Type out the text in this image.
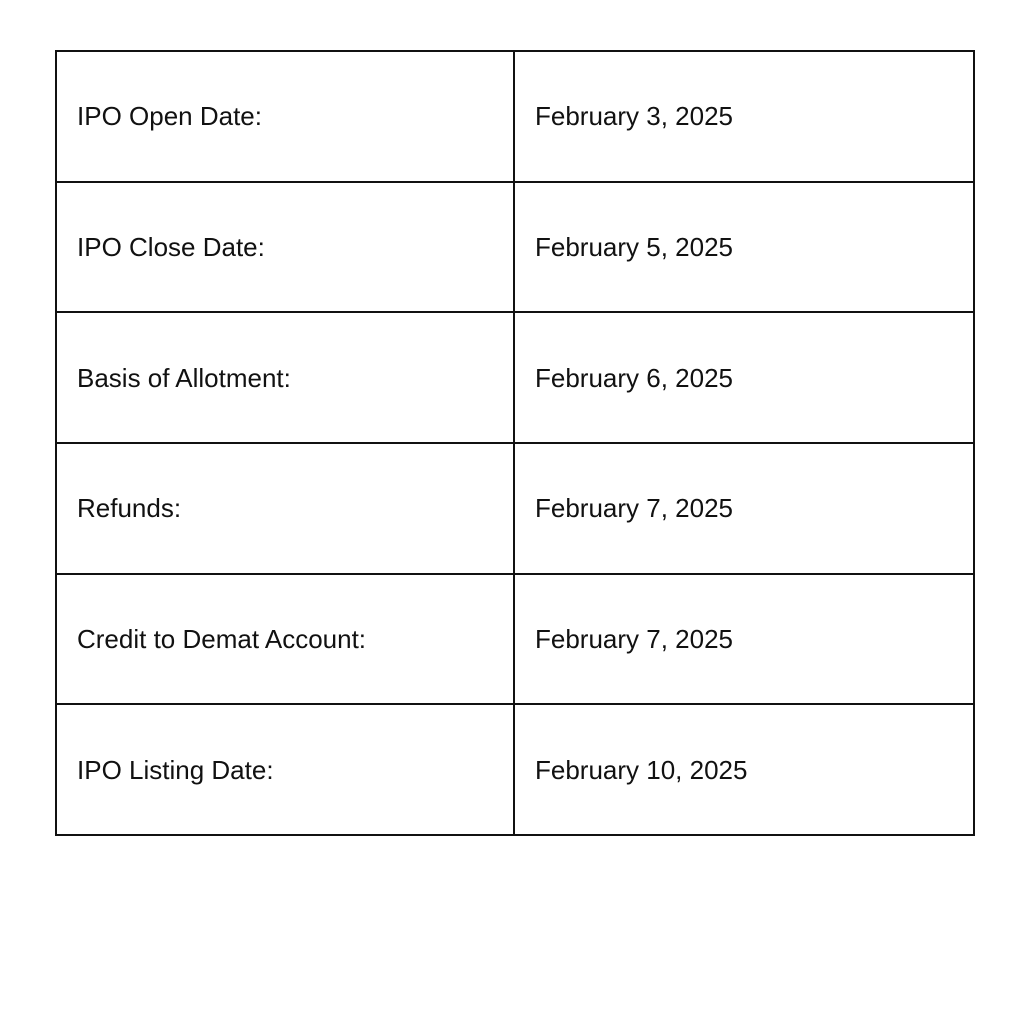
IPO Open Date:	February 3, 2025
IPO Close Date:	February 5, 2025
Basis of Allotment:	February 6, 2025
Refunds:	February 7, 2025
Credit to Demat Account:	February 7, 2025
IPO Listing Date:	February 10, 2025
